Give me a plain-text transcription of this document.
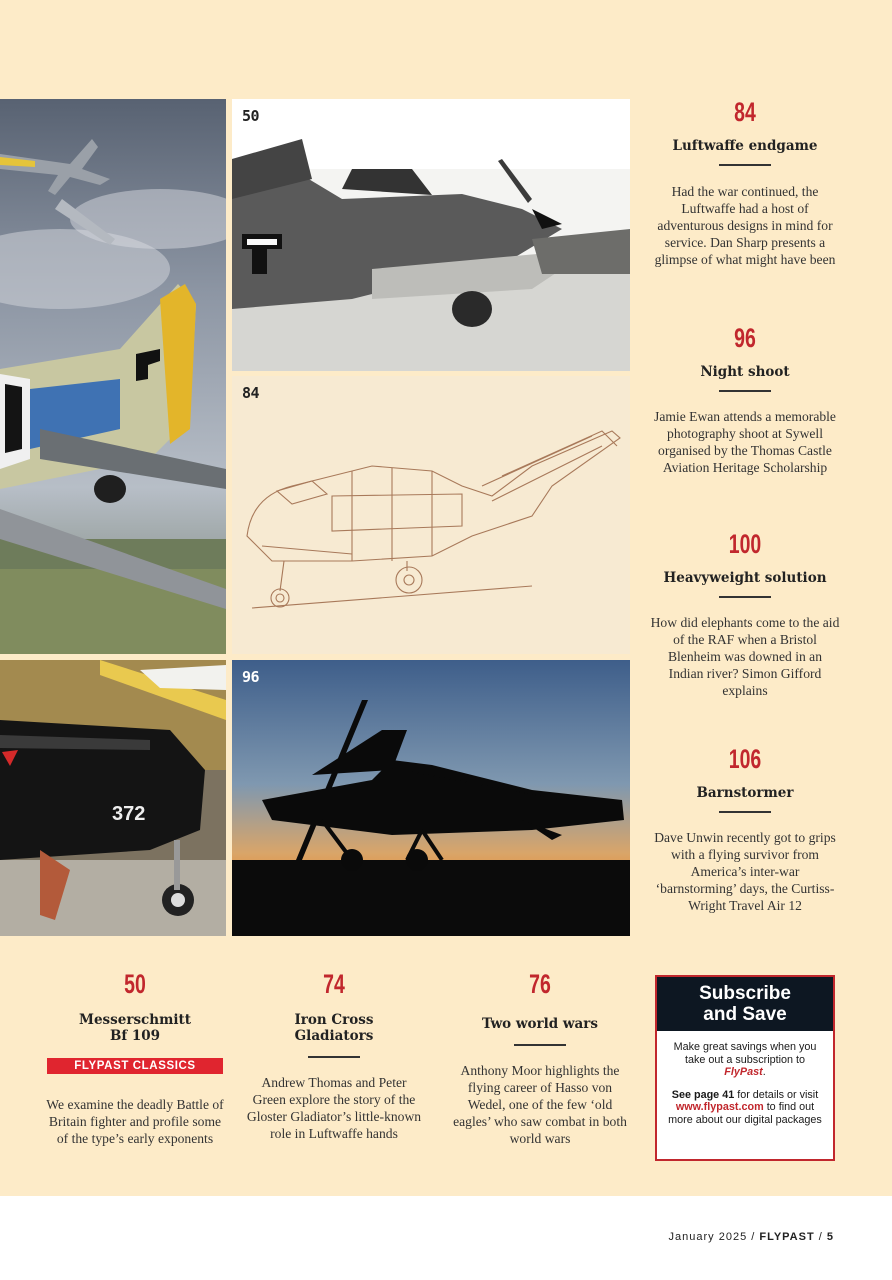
372
50
84
96
84
Luftwaffe endgame
Had the war continued, the Luftwaffe had a host of adventurous designs in mind for service. Dan Sharp presents a glimpse of what might have been
96
Night shoot
Jamie Ewan attends a memorable photography shoot at Sywell organised by the Thomas Castle Aviation Heritage Scholarship
100
Heavyweight solution
How did elephants come to the aid of the RAF when a Bristol Blenheim was downed in an Indian river? Simon Gifford explains
106
Barnstormer
Dave Unwin recently got to grips with a flying survivor from America’s inter-war ‘barnstorming’ days, the Curtiss-Wright Travel Air 12
50
Messerschmitt Bf 109
FLYPAST CLASSICS
We examine the deadly Battle of Britain fighter and profile some of the type’s early exponents
74
Iron Cross Gladiators
Andrew Thomas and Peter Green explore the story of the Gloster Gladiator’s little-known role in Luftwaffe hands
76
Two world wars
Anthony Moor highlights the flying career of Hasso von Wedel, one of the few ‘old eagles’ who saw combat in both world wars
Subscribe
and Save
Make great savings when you take out a subscription to FlyPast.
See page 41 for details or visit www.flypast.com to find out more about our digital packages
January 2025 / FLYPAST / 5
